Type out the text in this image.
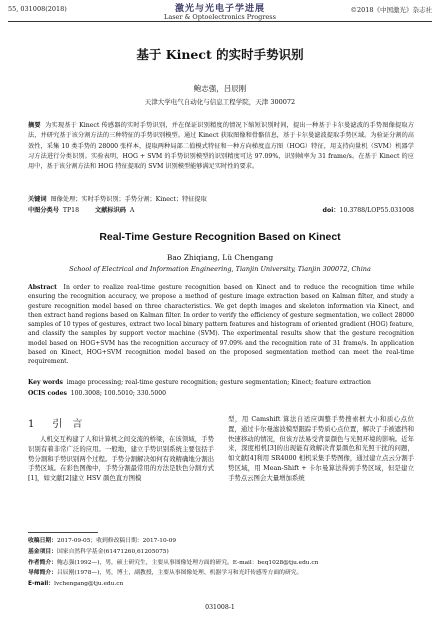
55, 031008(2018)	激光与光电子学进展
Laser & Optoelectronics Progress
©2018《中国激光》杂志社
基于 Kinect 的实时手势识别
鲍志强，吕辰刚
天津大学电气自动化与信息工程学院，天津 300072
摘要 为实现基于 Kinect 传感器的实时手势识别，并在保证识别精度的情况下缩短识别时间，提出一种基于卡尔曼滤波的手势图像提取方法，并研究基于该分割方法的三种特征的手势识别模型。通过 Kinect 获取图像和骨骼信息，基于卡尔曼滤波提取手势区域。为验证分割的高效性，采集 10 类手势的 28000 张样本，提取两种局部二值模式特征和一种方向梯度直方图（HOG）特征，用支持向量机（SVM）机器学习方法进行分类识别。实验表明，HOG + SVM 的手势识别模型的识别精度可达 97.09%，识别帧率为 31 frame/s。在基于 Kinect 的应用中，基于该分割方法和 HOG 特征提取的 SVM 识别模型能够满足实时性的要求。
关键词 图像处理；实时手势识别；手势分割；Kinect；特征提取
中图分类号 TP18	文献标识码 A	doi：10.3788/LOP55.031008
Real-Time Gesture Recognition Based on Kinect
Bao Zhiqiang, Lü Chengang
School of Electrical and Information Engineering, Tianjin University, Tianjin 300072, China
Abstract In order to realize real-time gesture recognition based on Kinect and to reduce the recognition time while ensuring the recognition accuracy, we propose a method of gesture image extraction based on Kalman filter, and study a gesture recognition model based on three characteristics. We get depth images and skeleton information via Kinect, and then extract hand regions based on Kalman filter. In order to verify the efficiency of gesture segmentation, we collect 28000 samples of 10 types of gestures, extract two local binary pattern features and histogram of oriented gradient (HOG) feature, and classify the samples by support vector machine (SVM). The experimental results show that the gesture recognition model based on HOG+SVM has the recognition accuracy of 97.09% and the recognition rate of 31 frame/s. In application based on Kinect, HOG+SVM recognition model based on the proposed segmentation method can meet the real-time requirement.
Key words image processing; real-time gesture recognition; gesture segmentation; Kinect; feature extraction
OCIS codes 100.3008; 100.5010; 330.5000
1 引　言

人机交互构建了人和计算机之间交流的桥梁，在该领域，手势识别有着非常广泛的应用。一般地，建立手势识别系统主要包括手势分割和手势识别两个过程。手势分割解决如何有效精确地分割出手势区域。在彩色图像中，手势分割最常用的方法是肤色分割方式[1]，如文献[2]建立 HSV 颜色直方图模

型，用 Camshift 算法自适应调整手势搜索框大小和质心点位置，通过卡尔曼滤波模型跟踪手势质心点位置，解决了手被遮挡和快速移动的情况，但该方法易受背景颜色与光照环境的影响。近年来，深度相机[3]的出现能有效解决背景颜色和光照干扰的问题，如文献[4]利用 SR4000 相机采集手势图像，通过建立点云分割手势区域，用 Mean-Shift + 卡尔曼算法得到手势区域，但是建立手势点云图会大量增加系统

收稿日期：2017-09-05；收到修改稿日期：2017-10-09
基金项目：国家自然科学基金(61471260,61205075)
作者简介：鲍志强(1992—)，男，硕士研究生，主要从事图像处理方面的研究。E-mail：beq1028@tju.edu.cn
导师简介：吕辰刚(1978—)，男，博士，副教授，主要从事图像处理、机器学习和光纤传感等方面的研究。
E-mail：lvchengang@tju.edu.cn
031008-1
